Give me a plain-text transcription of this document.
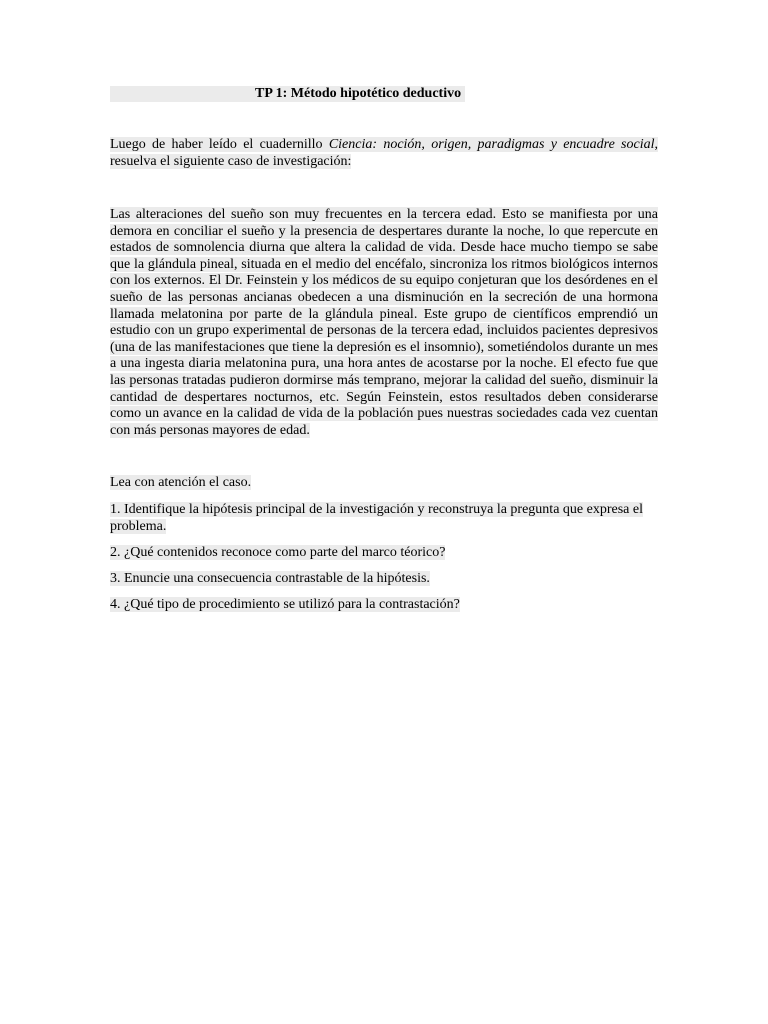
TP 1: Método hipotético deductivo
Luego de haber leído el cuadernillo Ciencia: noción, origen, paradigmas y encuadre social, resuelva el siguiente caso de investigación:
Las alteraciones del sueño son muy frecuentes en la tercera edad. Esto se manifiesta por una demora en conciliar el sueño y la presencia de despertares durante la noche, lo que repercute en estados de somnolencia diurna que altera la calidad de vida. Desde hace mucho tiempo se sabe que la glándula pineal, situada en el medio del encéfalo, sincroniza los ritmos biológicos internos con los externos. El Dr. Feinstein y los médicos de su equipo conjeturan que los desórdenes en el sueño de las personas ancianas obedecen a una disminución en la secreción de una hormona llamada melatonina por parte de la glándula pineal. Este grupo de científicos emprendió un estudio con un grupo experimental de personas de la tercera edad, incluidos pacientes depresivos (una de las manifestaciones que tiene la depresión es el insomnio), sometiéndolos durante un mes a una ingesta diaria melatonina pura, una hora antes de acostarse por la noche. El efecto fue que las personas tratadas pudieron dormirse más temprano, mejorar la calidad del sueño, disminuir la cantidad de despertares nocturnos, etc. Según Feinstein, estos resultados deben considerarse como un avance en la calidad de vida de la población pues nuestras sociedades cada vez cuentan con más personas mayores de edad.
Lea con atención el caso.
1. Identifique la hipótesis principal de la investigación y reconstruya la pregunta que expresa el problema.
2. ¿Qué contenidos reconoce como parte del marco téorico?
3. Enuncie una consecuencia contrastable de la hipótesis.
4. ¿Qué tipo de procedimiento se utilizó para la contrastación?
